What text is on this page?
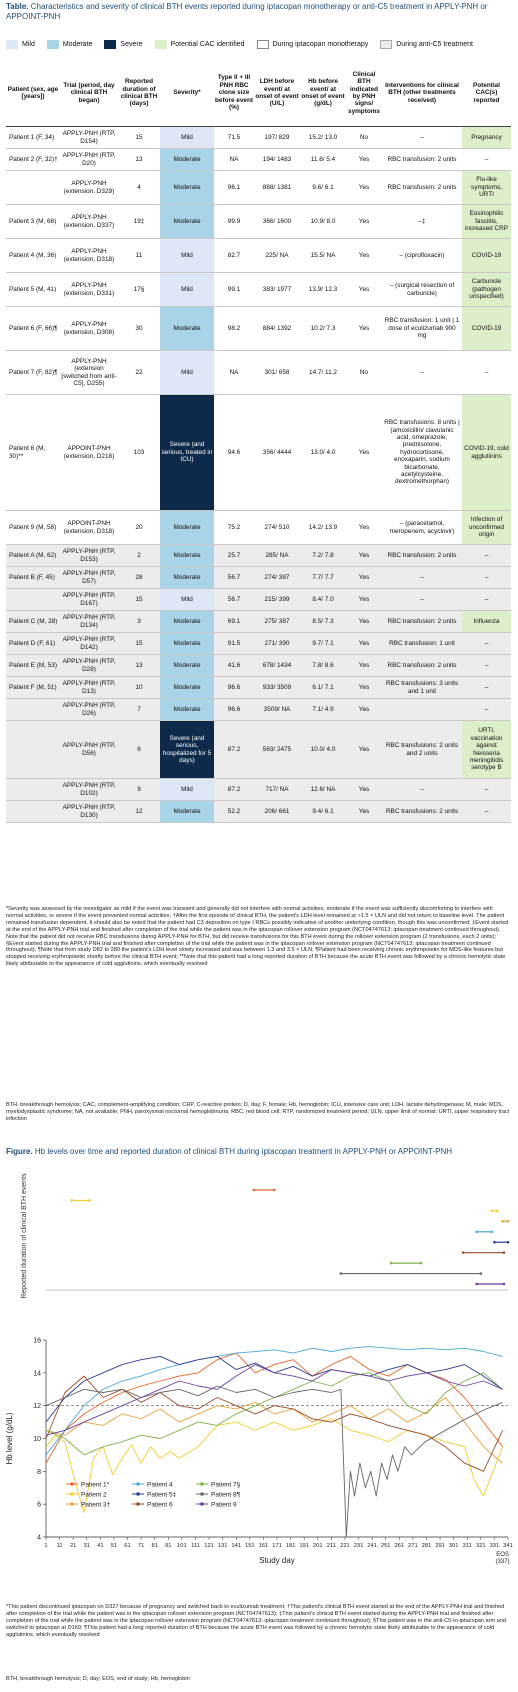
Table. Characteristics and severity of clinical BTH events reported during iptacopan monotherapy or anti-C5 treatment in APPLY-PNH or APPOINT-PNH
Mild	Moderate	Severe	Potential CAC identified	During iptacopan monotherapy	During anti-C5 treatment
Patient (sex, age [years])	Trial (period, day clinical BTH began)	Reported duration of clinical BTH (days)	Severity*	Type II + III PNH RBC clone size before event (%)	LDH before event/ at onset of event (U/L)	Hb before event/ at onset of event (g/dL)	Clinical BTH indicated by PNH signs/ symptoms	Interventions for clinical BTH (other treatments received)	Potential CAC(s) reported
Patient 1 (F, 34)	APPLY-PNH (RTP, D154)	15	Mild	71.5	197/ 829	15.2/ 13.0	No	–	Pregnancy
Patient 2 (F, 32)†	APPLY-PNH (RTP, D20)	13	Moderate	NA	194/ 1483	11.6/ 5.4	Yes	RBC transfusion: 2 units	–
	APPLY-PNH (extension, D329)	4	Moderate	96.1	888/ 1381	9.6/ 6.1	Yes	RBC transfusion: 2 units	Flu-like symptoms, URTI
Patient 3 (M, 68)	APPLY-PNH (extension, D337)	19‡	Moderate	99.9	366/ 1600	10.9/ 8.0	Yes	–‡	Eosinophilic fasciitis, increased CRP
Patient 4 (M, 36)	APPLY-PNH (extension, D318)	11	Mild	82.7	225/ NA	15.5/ NA	Yes	– (ciprofloxacin)	COVID-19
Patient 5 (M, 41)	APPLY-PNH (extension, D331)	17§	Mild	99.1	383/ 1977	13.9/ 12.3	Yes	– (surgical resection of carbuncle)	Carbuncle (pathogen unspecified)
Patient 6 (F, 66)¶	APPLY-PNH (extension, D308)	30	Moderate	98.2	884/ 1392	10.2/ 7.3	Yes	RBC transfusion: 1 unit | 1 dose of eculizumab 900 mg	COVID-19
Patient 7 (F, 82)¶	APPLY-PNH (extension [switched from anti-C5], D255)	22	Mild	NA	301/ 658	14.7/ 11.2	No	–	–
Patient 8 (M, 30)**	APPOINT-PNH (extension, D218)	103	Severe (and serious, treated in ICU)	94.6	356/ 4444	13.0/ 4.0	Yes	RBC transfusions: 8 units | (amoxicillin/ clavulanic acid, omeprazole, prednisolone, hydrocortisone, enoxaparin, sodium bicarbonate, acetylcysteine, dextromethorphan)	COVID-19, cold agglutinins
Patient 9 (M, 58)	APPOINT-PNH (extension, D318)	20	Moderate	75.2	274/ 510	14.2/ 13.9	Yes	– (paracetamol, meropenem, acyclovir)	Infection of unconfirmed origin
Patient A (M, 62)	APPLY-PNH (RTP, D153)	2	Moderate	25.7	285/ NA	7.2/ 7.8	Yes	RBC transfusion: 2 units	–
Patient B (F, 45)	APPLY-PNH (RTP, D57)	28	Moderate	56.7	274/ 387	7.7/ 7.7	Yes	–	–
	APPLY-PNH (RTP, D167)	15	Mild	56.7	215/ 399	8.4/ 7.0	Yes	–	–
Patient C (M, 28)	APPLY-PNH (RTP, D134)	3	Moderate	69.1	275/ 387	8.5/ 7.3	Yes	RBC transfusion: 2 units	Influenza
Patient D (F, 61)	APPLY-PNH (RTP, D142)	15	Moderate	91.5	271/ 390	9.7/ 7.1	Yes	RBC transfusion: 1 unit	–
Patient E (M, 53)	APPLY-PNH (RTP, D28)	13	Moderate	41.6	678/ 1434	7.8/ 8.6	Yes	RBC transfusion: 2 units	–
Patient F (M, 51)	APPLY-PNH (RTP, D13)	10	Moderate	96.6	933/ 3509	6.1/ 7.1	Yes	RBC transfusions: 3 units and 1 unit	–
	APPLY-PNH (RTP, D26)	7	Moderate	96.6	3509/ NA	7.1/ 4.9	Yes		–
	APPLY-PNH (RTP, D56)	6	Severe (and serious, hospitalized for 5 days)	87.2	563/ 2475	10.0/ 4.0	Yes	RBC transfusions: 2 units and 2 units	URTI, vaccination against Neisseria meningitidis serotype B
	APPLY-PNH (RTP, D102)	9	Mild	87.2	717/ NA	12.6/ NA	Yes	–	–
	APPLY-PNH (RTP, D130)	12	Moderate	52.2	206/ 661	9.4/ 6.1	Yes	RBC transfusions: 2 units	–
*Severity was assessed by the investigator as mild if the event was transient and generally did not interfere with normal activities, moderate if the event was sufficiently discomforting to interfere with normal activities, or severe if the event prevented normal activities; †After the first episode of clinical BTH, the patient's LDH level remained at >1.5 × ULN and did not return to baseline level. The patient remained transfusion dependent. It should also be noted that the patient had C3 deposition on type I RBCs possibly indicative of another underlying condition, though this was unconfirmed; ‡Event started at the end of the APPLY-PNH trial and finished after completion of the trial while the patient was in the iptacopan rollover extension program (NCT04747613; iptacopan treatment continued throughout). Note that the patient did not receive RBC transfusions during APPLY-PNH for BTH, but did receive transfusions for this BTH event during the rollover extension program (2 transfusions, each 2 units); §Event started during the APPLY-PNH trial and finished after completion of the trial while the patient was in the iptacopan rollover extension program (NCT04747613; iptacopan treatment continued throughout); ¶Note that from study D82 to 280 the patient's LDH level slowly increased and was between 1.3 and 3.5 × ULN; ¶Patient had been receiving chronic erythropoietin for MDS-like features but stopped receiving erythropoietin shortly before the clinical BTH event; **Note that this patient had a long reported duration of BTH because the acute BTH event was followed by a chronic hemolytic state likely attributable to the appearance of cold agglutinins, which eventually resolved
BTH, breakthrough hemolysis; CAC, complement-amplifying condition; CRP, C-reactive protein; D, day; F, female; Hb, hemoglobin; ICU, intensive care unit; LDH, lactate dehydrogenase; M, male; MDS, myelodysplastic syndrome; NA, not available; PNH, paroxysmal nocturnal hemoglobinuria; RBC, red blood cell; RTP, randomized treatment period; ULN, upper limit of normal; URTI, upper respiratory tract infection
Figure. Hb levels over time and reported duration of clinical BTH during iptacopan treatment in APPLY-PNH or APPOINT-PNH
Reported duration of clinical BTH events
4
6
8
10
12
14
16
Hb level (g/dL)
1 11 21 31 41 51 61 71 81 91 101 111 121 131 141 151 161 171 181 191 201 211 221 231 241 251 261 271 281 291 301 311 321 331 341
EOS
(337)
Study day
Patient 1*
Patient 2
Patient 3†
Patient 4
Patient 5‡
Patient 6
Patient 7§
Patient 8¶
Patient 9
*This patient discontinued iptacopan on D327 because of pregnancy and switched back to eculizumab treatment; †This patient's clinical BTH event started at the end of the APPLY-PNH trial and finished after completion of the trial while the patient was in the iptacopan rollover extension program (NCT04747613); ‡This patient's clinical BTH event started during the APPLY-PNH trial and finished after completion of the trial while the patient was in the iptacopan rollover extension program (NCT04747613; iptacopan treatment continued throughout); §This patient was in the anti-C5-to-iptacopan arm and switched to iptacopan at D169; ¶This patient had a long reported duration of BTH because the acute BTH event was followed by a chronic hemolytic state likely attributable to the appearance of cold agglutinins, which eventually resolved
BTH, breakthrough hemolysis; D, day; EOS, end of study; Hb, hemoglobin
